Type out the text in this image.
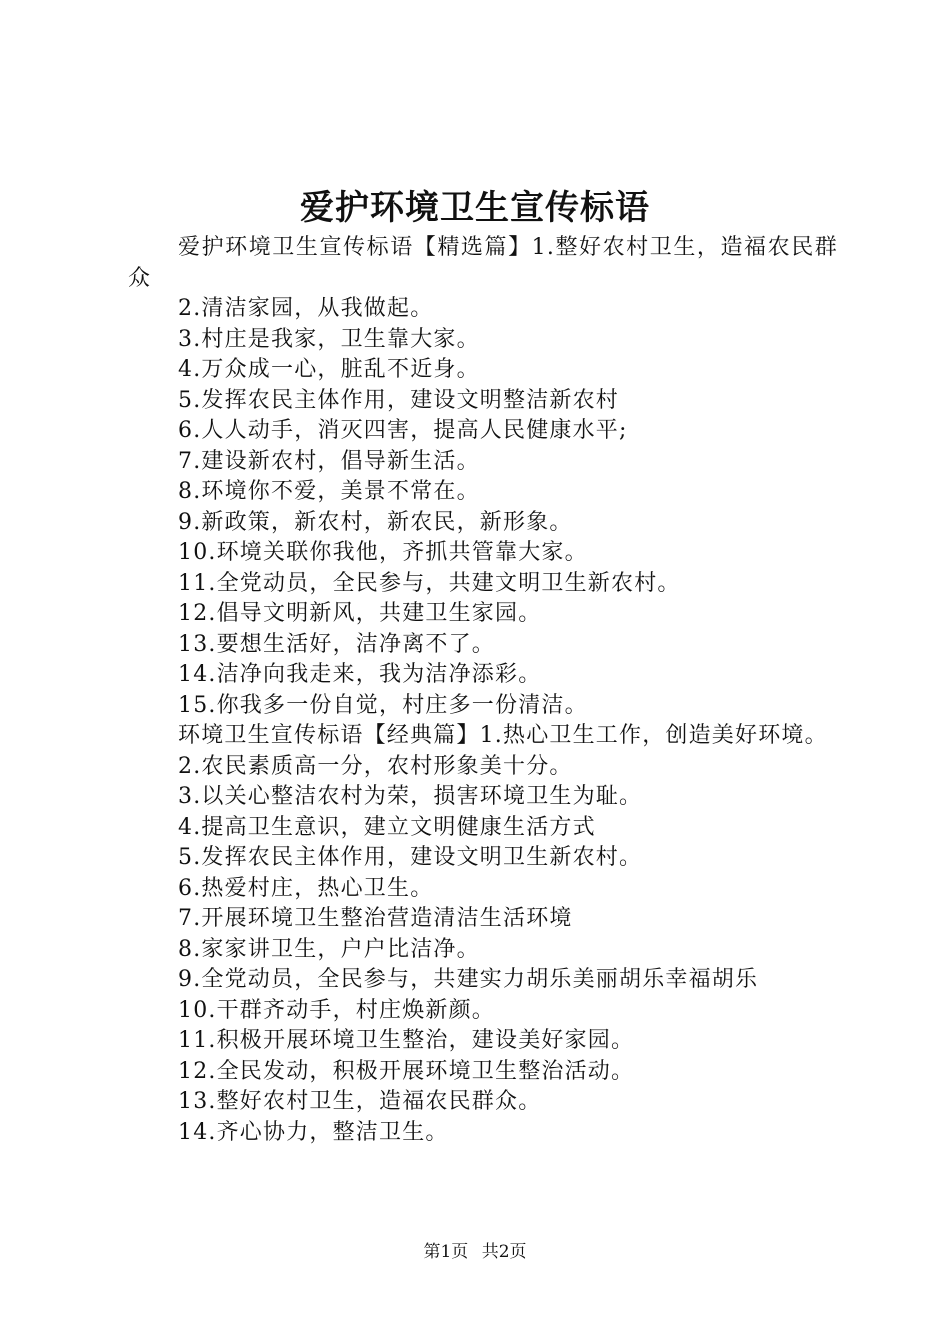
爱护环境卫生宣传标语

爱护环境卫生宣传标语【精选篇】1.整好农村卫生，造福农民群众

2.清洁家园，从我做起。

3.村庄是我家，卫生靠大家。

4.万众成一心，脏乱不近身。

5.发挥农民主体作用，建设文明整洁新农村

6.人人动手，消灭四害，提高人民健康水平;

7.建设新农村，倡导新生活。

8.环境你不爱，美景不常在。

9.新政策，新农村，新农民，新形象。

10.环境关联你我他，齐抓共管靠大家。

11.全党动员，全民参与，共建文明卫生新农村。

12.倡导文明新风，共建卫生家园。

13.要想生活好，洁净离不了。

14.洁净向我走来，我为洁净添彩。

15.你我多一份自觉，村庄多一份清洁。

环境卫生宣传标语【经典篇】1.热心卫生工作，创造美好环境。

2.农民素质高一分，农村形象美十分。

3.以关心整洁农村为荣，损害环境卫生为耻。

4.提高卫生意识，建立文明健康生活方式

5.发挥农民主体作用，建设文明卫生新农村。

6.热爱村庄，热心卫生。

7.开展环境卫生整治营造清洁生活环境

8.家家讲卫生，户户比洁净。

9.全党动员，全民参与，共建实力胡乐美丽胡乐幸福胡乐

10.干群齐动手，村庄焕新颜。

11.积极开展环境卫生整治，建设美好家园。

12.全民发动，积极开展环境卫生整治活动。

13.整好农村卫生，造福农民群众。

14.齐心协力，整洁卫生。

第1页 共2页
